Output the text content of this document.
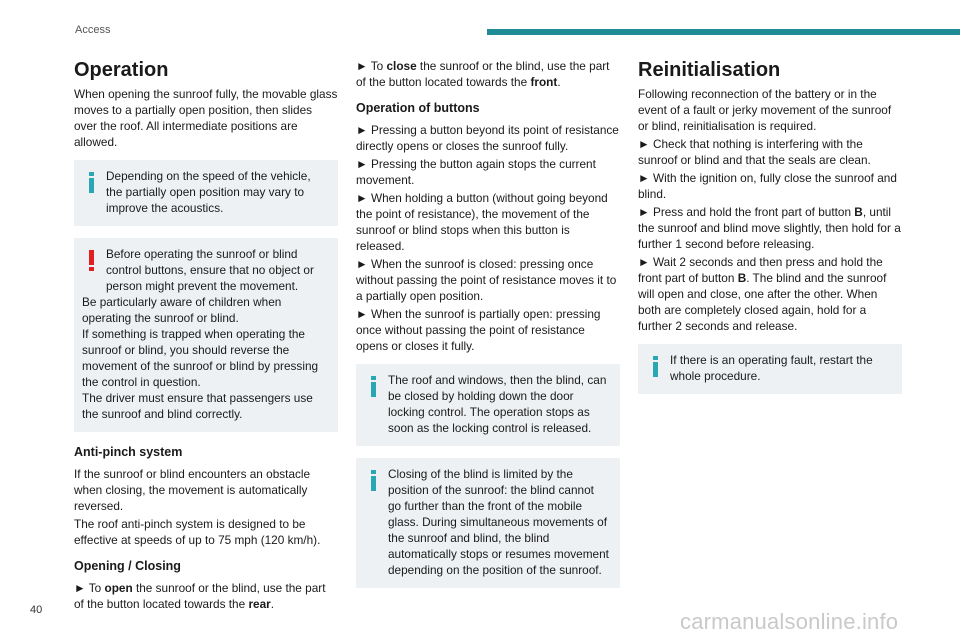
Access
Operation

When opening the sunroof fully, the movable glass moves to a partially open position, then slides over the roof. All intermediate positions are allowed.

Depending on the speed of the vehicle, the partially open position may vary to improve the acoustics.
Before operating the sunroof or blind control buttons, ensure that no object or person might prevent the movement.
Be particularly aware of children when operating the sunroof or blind.
If something is trapped when operating the sunroof or blind, you should reverse the movement of the sunroof or blind by pressing the control in question.
The driver must ensure that passengers use the sunroof and blind correctly.
Anti-pinch system

If the sunroof or blind encounters an obstacle when closing, the movement is automatically reversed.

The roof anti-pinch system is designed to be effective at speeds of up to 75 mph (120 km/h).

Opening / Closing

► To open the sunroof or the blind, use the part of the button located towards the rear.

► To close the sunroof or the blind, use the part of the button located towards the front.

Operation of buttons

► Pressing a button beyond its point of resistance directly opens or closes the sunroof fully.

► Pressing the button again stops the current movement.

► When holding a button (without going beyond the point of resistance), the movement of the sunroof or blind stops when this button is released.

► When the sunroof is closed: pressing once without passing the point of resistance moves it to a partially open position.

► When the sunroof is partially open: pressing once without passing the point of resistance opens or closes it fully.

The roof and windows, then the blind, can be closed by holding down the door locking control. The operation stops as soon as the locking control is released.
Closing of the blind is limited by the position of the sunroof: the blind cannot go further than the front of the mobile glass. During simultaneous movements of the sunroof and blind, the blind automatically stops or resumes movement depending on the position of the sunroof.
Reinitialisation

Following reconnection of the battery or in the event of a fault or jerky movement of the sunroof or blind, reinitialisation is required.

► Check that nothing is interfering with the sunroof or blind and that the seals are clean.

► With the ignition on, fully close the sunroof and blind.

► Press and hold the front part of button B, until the sunroof and blind move slightly, then hold for a further 1 second before releasing.

► Wait 2 seconds and then press and hold the front part of button B. The blind and the sunroof will open and close, one after the other. When both are completely closed again, hold for a further 2 seconds and release.

If there is an operating fault, restart the whole procedure.
40	carmanualsonline.info
